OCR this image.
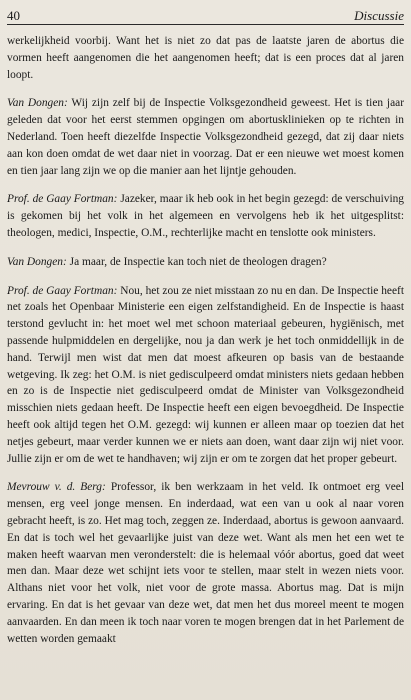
40	Discussie

werkelijkheid voorbij. Want het is niet zo dat pas de laatste jaren de abortus die vormen heeft aangenomen die het aangenomen heeft; dat is een proces dat al jaren loopt.

Van Dongen: Wij zijn zelf bij de Inspectie Volksgezondheid geweest. Het is tien jaar geleden dat voor het eerst stemmen opgingen om abortusklinieken op te richten in Nederland. Toen heeft diezelfde Inspectie Volksgezondheid gezegd, dat zij daar niets aan kon doen omdat de wet daar niet in voorzag. Dat er een nieuwe wet moest komen en tien jaar lang zijn we op die manier aan het lijntje gehouden.

Prof. de Gaay Fortman: Jazeker, maar ik heb ook in het begin gezegd: de verschuiving is gekomen bij het volk in het algemeen en vervolgens heb ik het uitgesplitst: theologen, medici, Inspectie, O.M., rechterlijke macht en tenslotte ook ministers.

Van Dongen: Ja maar, de Inspectie kan toch niet de theologen dragen?

Prof. de Gaay Fortman: Nou, het zou ze niet misstaan zo nu en dan. De Inspectie heeft net zoals het Openbaar Ministerie een eigen zelfstandigheid. En de Inspectie is haast terstond gevlucht in: het moet wel met schoon materiaal gebeuren, hygiënisch, met passende hulpmiddelen en dergelijke, nou ja dan werk je het toch onmiddellijk in de hand. Terwijl men wist dat men dat moest afkeuren op basis van de bestaande wetgeving. Ik zeg: het O.M. is niet gedisculpeerd omdat ministers niets gedaan hebben en zo is de Inspectie niet gedisculpeerd omdat de Minister van Volksgezondheid misschien niets gedaan heeft. De Inspectie heeft een eigen bevoegdheid. De Inspectie heeft ook altijd tegen het O.M. gezegd: wij kunnen er alleen maar op toezien dat het netjes gebeurt, maar verder kunnen we er niets aan doen, want daar zijn wij niet voor. Jullie zijn er om de wet te handhaven; wij zijn er om te zorgen dat het proper gebeurt.

Mevrouw v. d. Berg: Professor, ik ben werkzaam in het veld. Ik ontmoet erg veel mensen, erg veel jonge mensen. En inderdaad, wat een van u ook al naar voren gebracht heeft, is zo. Het mag toch, zeggen ze. Inderdaad, abortus is gewoon aanvaard. En dat is toch wel het gevaarlijke juist van deze wet. Want als men het een wet te maken heeft waarvan men veronderstelt: die is helemaal vóór abortus, goed dat weet men dan. Maar deze wet schijnt iets voor te stellen, maar stelt in wezen niets voor. Althans niet voor het volk, niet voor de grote massa. Abortus mag. Dat is mijn ervaring. En dat is het gevaar van deze wet, dat men het dus moreel meent te mogen aanvaarden. En dan meen ik toch naar voren te mogen brengen dat in het Parlement de wetten worden gemaakt
